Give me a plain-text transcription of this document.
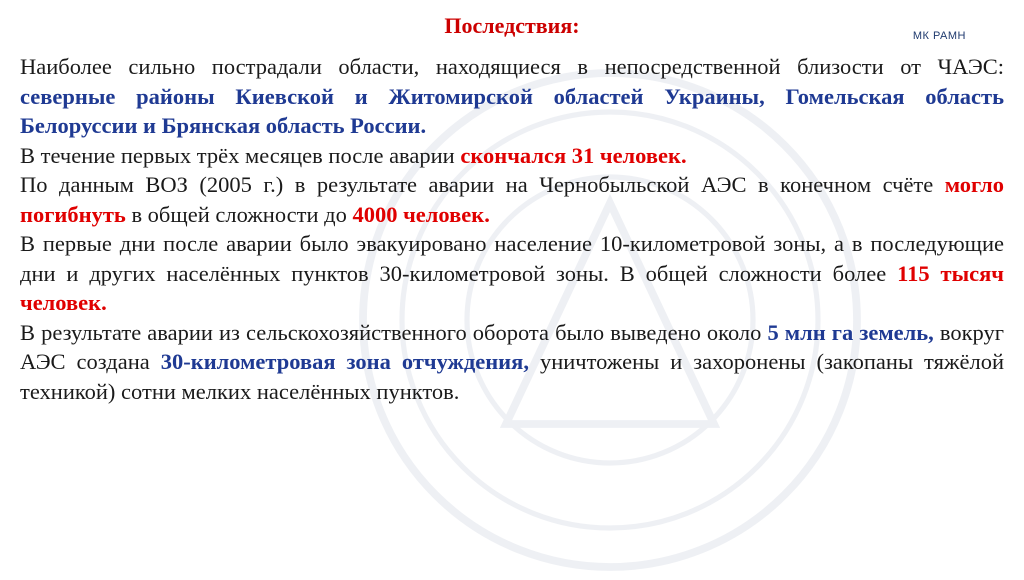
МК РАМН
Последствия:

Наиболее сильно пострадали области, находящиеся в непосредственной близости от ЧАЭС: северные районы Киевской и Житомирской областей Украины, Гомельская область Белоруссии и Брянская область России.

В течение первых трёх месяцев после аварии скончался 31 человек.

По данным ВОЗ (2005 г.) в результате аварии на Чернобыльской АЭС в конечном счёте могло погибнуть в общей сложности до 4000 человек.

В первые дни после аварии было эвакуировано население 10-километровой зоны, а в последующие дни и других населённых пунктов 30-километровой зоны. В общей сложности более 115 тысяч человек.

В результате аварии из сельскохозяйственного оборота было выведено около 5 млн га земель, вокруг АЭС создана 30-километровая зона отчуждения, уничтожены и захоронены (закопаны тяжёлой техникой) сотни мелких населённых пунктов.
